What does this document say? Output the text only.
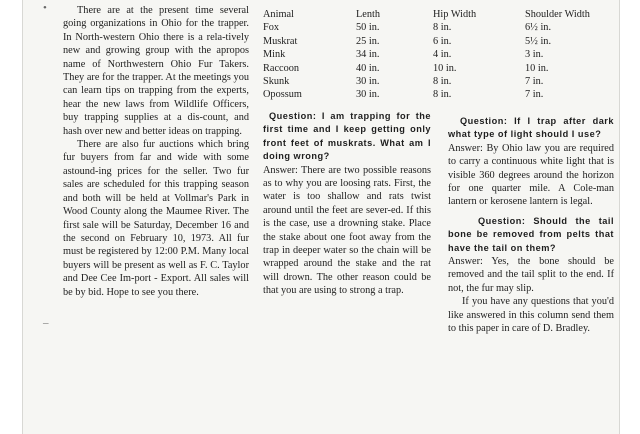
•
–

There are at the present time several going organizations in Ohio for the trapper. In North-western Ohio there is a rela-tively new and growing group with the apropos name of Northwestern Ohio Fur Takers. They are for the trapper. At the meetings you can learn tips on trapping from the experts, hear the new laws from Wildlife Officers, buy trapping supplies at a dis-count, and hash over new and better ideas on trapping.

There are also fur auctions which bring fur buyers from far and wide with some astound-ing prices for the seller. Two fur sales are scheduled for this trapping season and both will be held at Vollmar's Park in Wood County along the Maumee River. The first sale will be Saturday, December 16 and the second on February 10, 1973. All fur must be registered by 12:00 P.M. Many local buyers will be present as well as F. C. Taylor and Dee Cee Im-port - Export. All sales will be by bid. Hope to see you there.

Animal	Lenth	Hip Width	Shoulder Width
Fox	50 in.	8 in.	6½ in.
Muskrat	25 in.	6 in.	5½ in.
Mink	34 in.	4 in.	3 in.
Raccoon	40 in.	10 in.	10 in.
Skunk	30 in.	8 in.	7 in.
Opossum	30 in.	8 in.	7 in.

Question: I am trapping for the first time and I keep getting only front feet of muskrats. What am I doing wrong?

Answer: There are two possible reasons as to why you are loosing rats. First, the water is too shallow and rats twist around until the feet are sever-ed. If this is the case, use a drowning stake. Place the stake about one foot away from the trap in deeper water so the chain will be wrapped around the stake and the rat will drown. The other reason could be that you are using to strong a trap.

Question: If I trap after dark what type of light should I use?

Answer: By Ohio law you are required to carry a continuous white light that is visible 360 degrees around the horizon for one quarter mile. A Cole-man lantern or kerosene lantern is legal.

Question: Should the tail bone be removed from pelts that have the tail on them?

Answer: Yes, the bone should be removed and the tail split to the end. If not, the fur may slip.

If you have any questions that you'd like answered in this column send them to this paper in care of D. Bradley.
